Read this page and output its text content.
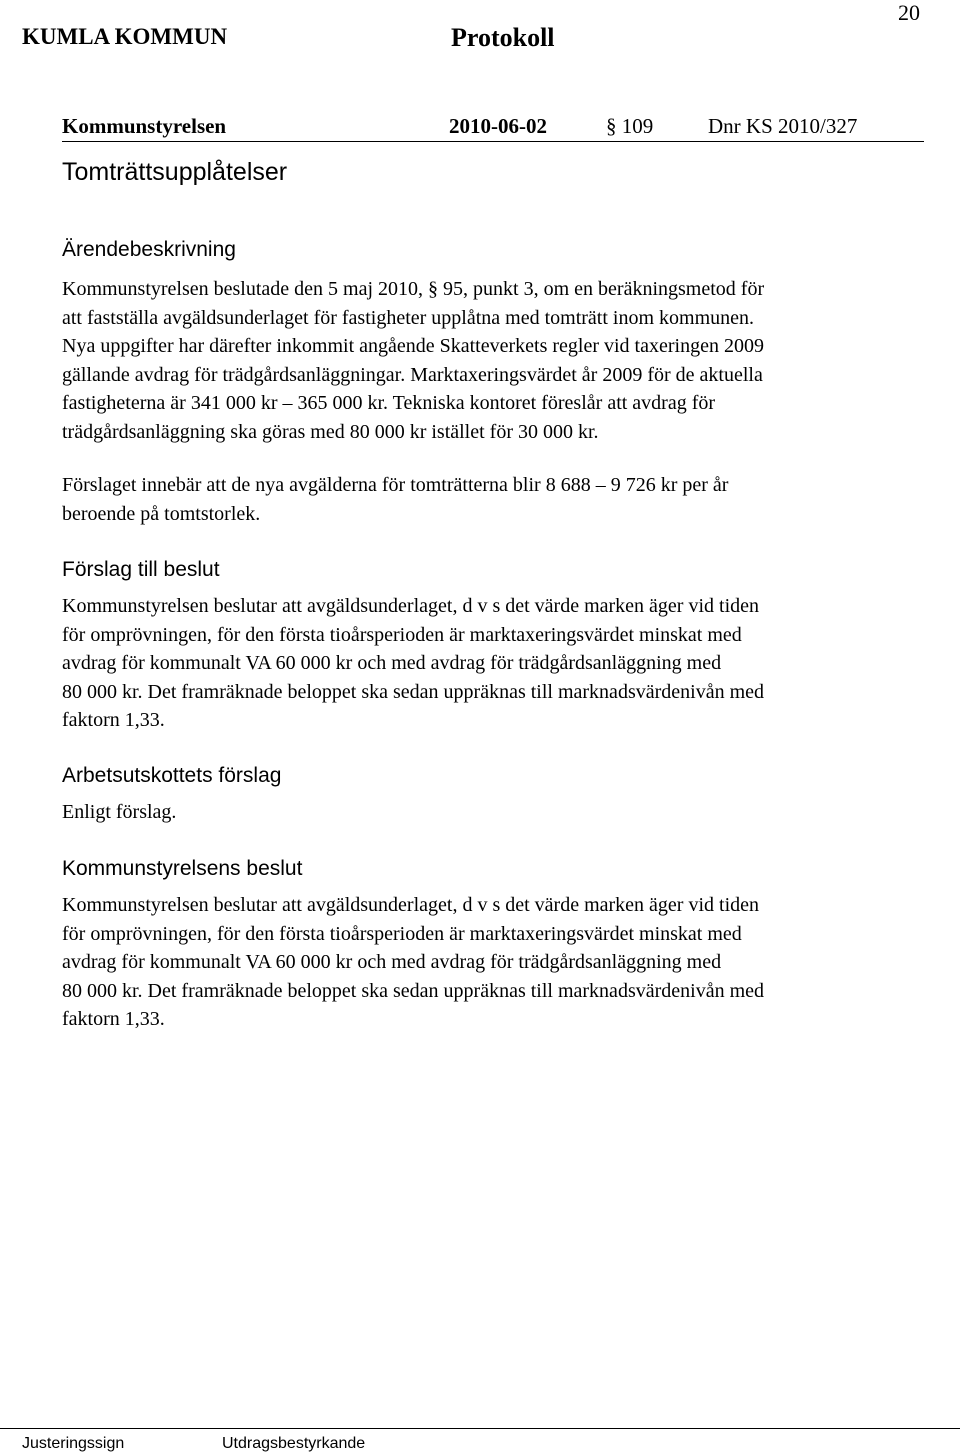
20
KUMLA KOMMUN	Protokoll
Kommunstyrelsen	2010-06-02	§ 109	Dnr KS 2010/327
Tomträttsupplåtelser
Ärendebeskrivning
Kommunstyrelsen beslutade den 5 maj 2010, § 95, punkt 3, om en beräkningsmetod för
att fastställa avgäldsunderlaget för fastigheter upplåtna med tomträtt inom kommunen.
Nya uppgifter har därefter inkommit angående Skatteverkets regler vid taxeringen 2009
gällande avdrag för trädgårdsanläggningar. Marktaxeringsvärdet år 2009 för de aktuella
fastigheterna är 341 000 kr – 365 000 kr. Tekniska kontoret föreslår att avdrag för
trädgårdsanläggning ska göras med 80 000 kr istället för 30 000 kr.
Förslaget innebär att de nya avgälderna för tomträtterna blir 8 688 – 9 726 kr per år
beroende på tomtstorlek.
Förslag till beslut
Kommunstyrelsen beslutar att avgäldsunderlaget, d v s det värde marken äger vid tiden
för omprövningen, för den första tioårsperioden är marktaxeringsvärdet minskat med
avdrag för kommunalt VA 60 000 kr och med avdrag för trädgårdsanläggning med
80 000 kr. Det framräknade beloppet ska sedan uppräknas till marknadsvärdenivån med
faktorn 1,33.
Arbetsutskottets förslag
Enligt förslag.
Kommunstyrelsens beslut
Kommunstyrelsen beslutar att avgäldsunderlaget, d v s det värde marken äger vid tiden
för omprövningen, för den första tioårsperioden är marktaxeringsvärdet minskat med
avdrag för kommunalt VA 60 000 kr och med avdrag för trädgårdsanläggning med
80 000 kr. Det framräknade beloppet ska sedan uppräknas till marknadsvärdenivån med
faktorn 1,33.
Justeringssign	Utdragsbestyrkande
